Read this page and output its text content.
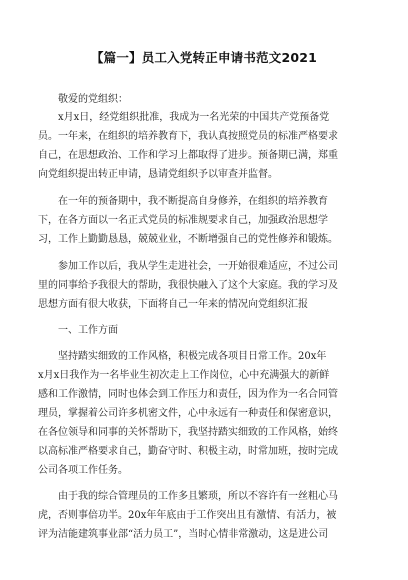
【篇一】员工入党转正申请书范文2021
敬爱的党组织：
x月x日，经党组织批准，我成为一名光荣的中国共产党预备党
员。一年来，在组织的培养教育下，我认真按照党员的标准严格要求
自己，在思想政治、工作和学习上都取得了进步。预备期已满，郑重
向党组织提出转正申请，恳请党组织予以审查并监督。
在一年的预备期中，我不断提高自身修养，在组织的培养教育
下，在各方面以一名正式党员的标准规要求自己，加强政治思想学
习，工作上勤勤恳恳，兢兢业业，不断增强自己的党性修养和锻炼。
参加工作以后，我从学生走进社会，一开始很难适应，不过公司
里的同事给予我很大的帮助，我很快融入了这个大家庭。我的学习及
思想方面有很大收获，下面将自己一年来的情况向党组织汇报
一、工作方面
坚持踏实细致的工作风格，积极完成各项目日常工作。20x年
x月x日我作为一名毕业生初次走上工作岗位，心中充满强大的新鲜
感和工作激情，同时也体会到工作压力和责任，因为作为一名合同管
理员，掌握着公司许多机密文件，心中永远有一种责任和保密意识，
在各位领导和同事的关怀帮助下，我坚持踏实细致的工作风格，始终
以高标准严格要求自己，勤奋守时、积极主动，时常加班，按时完成
公司各项工作任务。
由于我的综合管理员的工作多且繁琐，所以不容许有一丝粗心马
虎，否则事倍功半。20x年年底由于工作突出且有激情、有活力，被
评为洁能建筑事业部“活力员工”，当时心情非常激动，这是进公司
